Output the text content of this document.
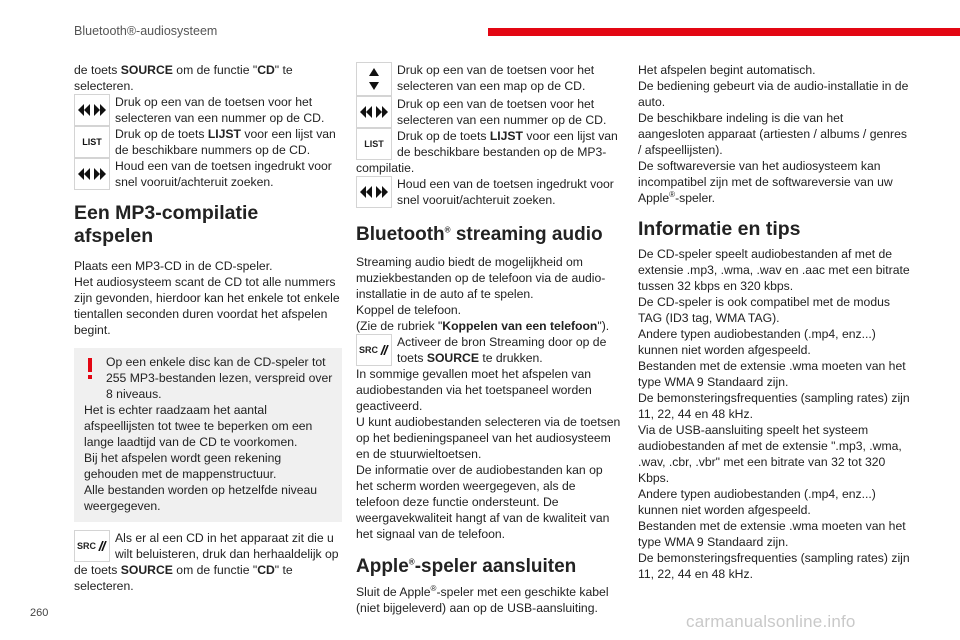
Bluetooth®-audiosysteem

de toets SOURCE om de functie "CD" te selecteren.

Druk op een van de toetsen voor het selecteren van een nummer op de CD.
LIST
Druk op de toets LIJST voor een lijst van de beschikbare nummers op de CD.
Houd een van de toetsen ingedrukt voor snel vooruit/achteruit zoeken.
Een MP3-compilatie afspelen

Plaats een MP3-CD in de CD-speler.

Het audiosysteem scant de CD tot alle nummers zijn gevonden, hierdoor kan het enkele tot enkele tientallen seconden duren voordat het afspelen begint.

Op een enkele disc kan de CD-speler tot 255 MP3-bestanden lezen, verspreid over 8 niveaus.

Het is echter raadzaam het aantal afspeellijsten tot twee te beperken om een lange laadtijd van de CD te voorkomen.

Bij het afspelen wordt geen rekening gehouden met de mappenstructuur.

Alle bestanden worden op hetzelfde niveau weergegeven.

SRC

Als er al een CD in het apparaat zit die u wilt beluisteren, druk dan herhaaldelijk op de toets SOURCE om de functie "CD" te selecteren.

Druk op een van de toetsen voor het selecteren van een map op de CD.
Druk op een van de toetsen voor het selecteren van een nummer op de CD.
LIST

Druk op de toets LIJST voor een lijst van de beschikbare bestanden op de MP3-compilatie.

Houd een van de toetsen ingedrukt voor snel vooruit/achteruit zoeken.
Bluetooth® streaming audio

Streaming audio biedt de mogelijkheid om muziekbestanden op de telefoon via de audio-installatie in de auto af te spelen.

Koppel de telefoon.

(Zie de rubriek "Koppelen van een telefoon").

SRC

Activeer de bron Streaming door op de toets SOURCE te drukken.

In sommige gevallen moet het afspelen van audiobestanden via het toetspaneel worden geactiveerd.

U kunt audiobestanden selecteren via de toetsen op het bedieningspaneel van het audiosysteem en de stuurwieltoetsen.

De informatie over de audiobestanden kan op het scherm worden weergegeven, als de telefoon deze functie ondersteunt. De weergavekwaliteit hangt af van de kwaliteit van het signaal van de telefoon.

Apple®-speler aansluiten

Sluit de Apple®-speler met een geschikte kabel (niet bijgeleverd) aan op de USB-aansluiting.

Het afspelen begint automatisch.

De bediening gebeurt via de audio-installatie in de auto.

De beschikbare indeling is die van het aangesloten apparaat (artiesten / albums / genres / afspeellijsten).

De softwareversie van het audiosysteem kan incompatibel zijn met de softwareversie van uw Apple®-speler.

Informatie en tips

De CD-speler speelt audiobestanden af met de extensie .mp3, .wma, .wav en .aac met een bitrate tussen 32 kbps en 320 kbps.

De CD-speler is ook compatibel met de modus TAG (ID3 tag, WMA TAG).

Andere typen audiobestanden (.mp4, enz...) kunnen niet worden afgespeeld.

Bestanden met de extensie .wma moeten van het type WMA 9 Standaard zijn.

De bemonsteringsfrequenties (sampling rates) zijn 11, 22, 44 en 48 kHz.

Via de USB-aansluiting speelt het systeem audiobestanden af met de extensie ".mp3, .wma, .wav, .cbr, .vbr" met een bitrate van 32 tot 320 Kbps.

Andere typen audiobestanden (.mp4, enz...) kunnen niet worden afgespeeld.

Bestanden met de extensie .wma moeten van het type WMA 9 Standaard zijn.

De bemonsteringsfrequenties (sampling rates) zijn 11, 22, 44 en 48 kHz.

260	carmanualsonline.info
